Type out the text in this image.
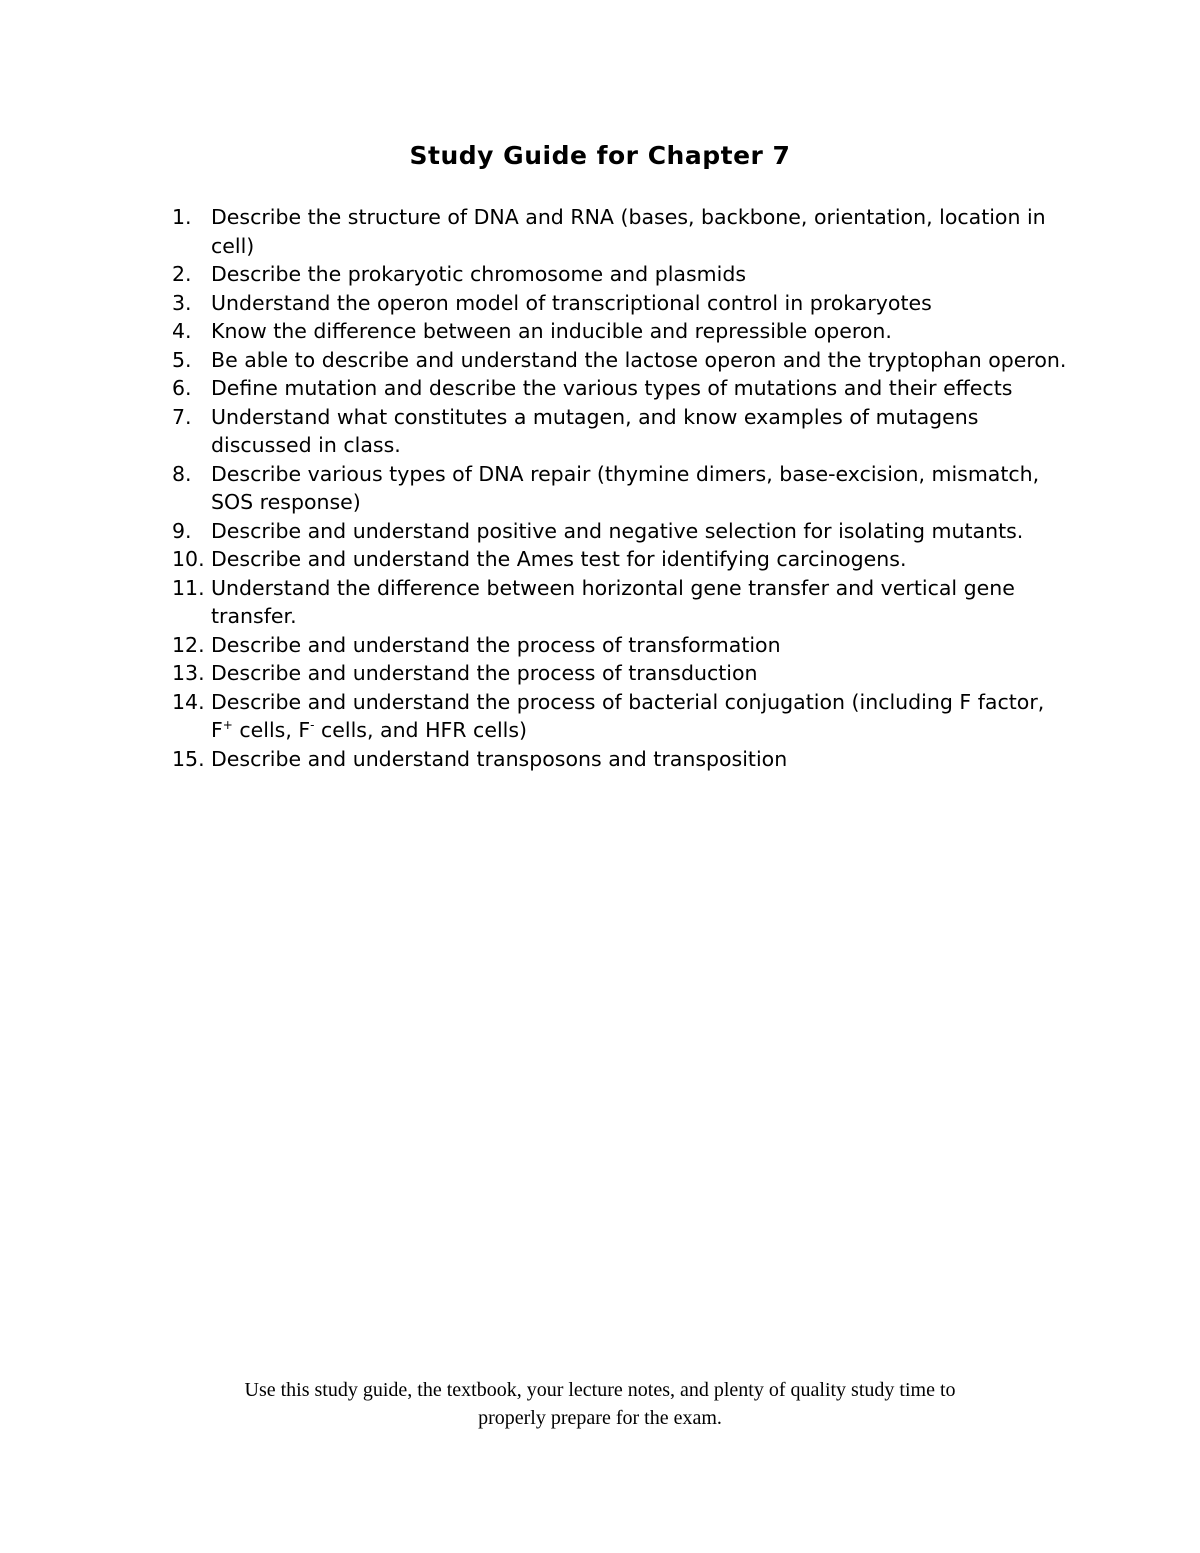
Study Guide for Chapter 7
1. Describe the structure of DNA and RNA (bases, backbone, orientation, location in cell)
2. Describe the prokaryotic chromosome and plasmids
3. Understand the operon model of transcriptional control in prokaryotes
4. Know the difference between an inducible and repressible operon.
5. Be able to describe and understand the lactose operon and the tryptophan operon.
6. Define mutation and describe the various types of mutations and their effects
7. Understand what constitutes a mutagen, and know examples of mutagens discussed in class.
8. Describe various types of DNA repair (thymine dimers, base-excision, mismatch, SOS response)
9. Describe and understand positive and negative selection for isolating mutants.
10. Describe and understand the Ames test for identifying carcinogens.
11. Understand the difference between horizontal gene transfer and vertical gene transfer.
12. Describe and understand the process of transformation
13. Describe and understand the process of transduction
14. Describe and understand the process of bacterial conjugation (including F factor,
F+ cells, F- cells, and HFR cells)
15. Describe and understand transposons and transposition
Use this study guide, the textbook, your lecture notes, and plenty of quality study time to
properly prepare for the exam.
